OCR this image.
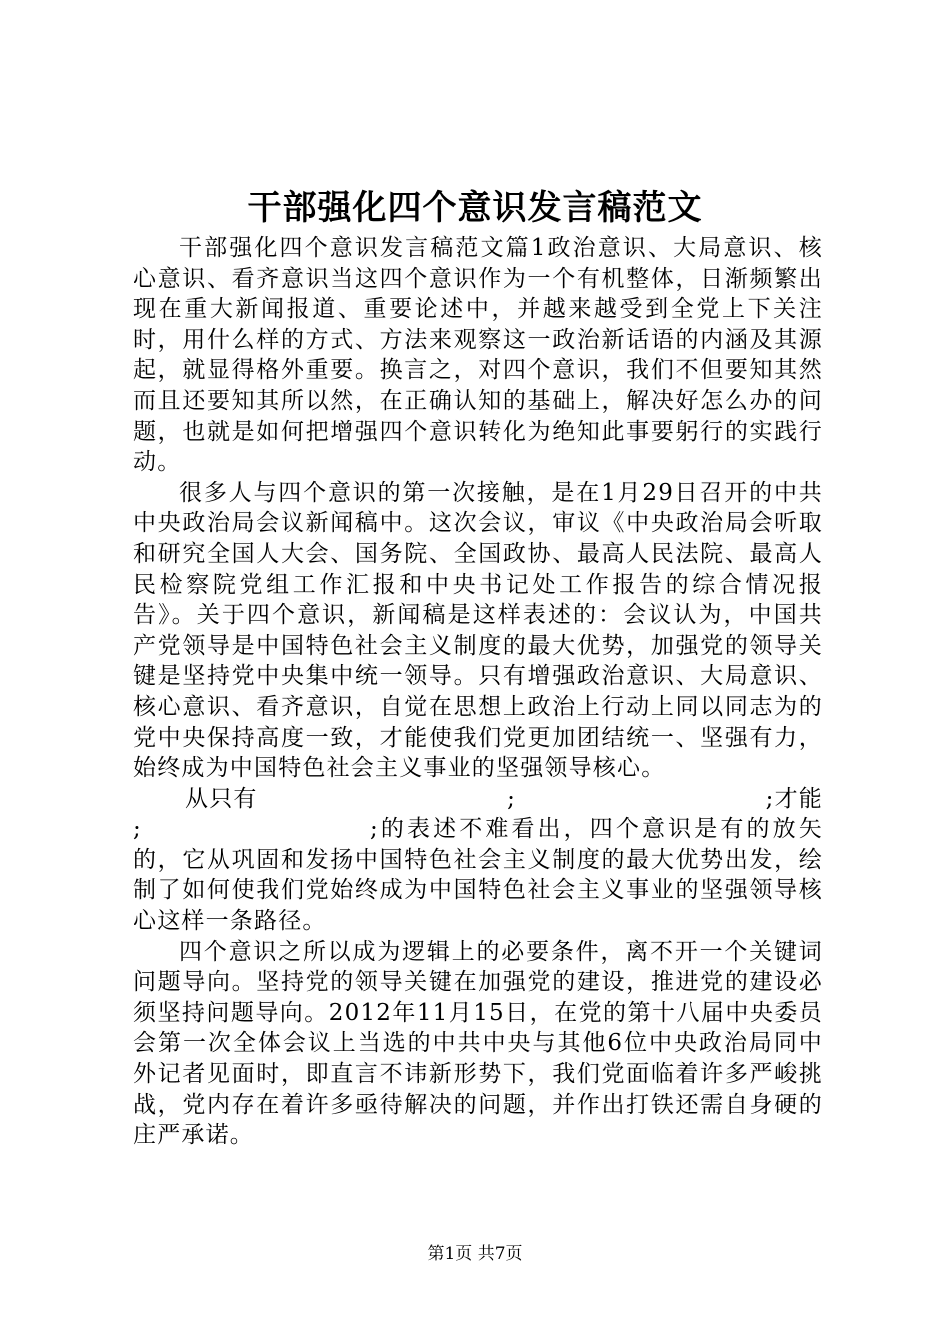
干部强化四个意识发言稿范文

干部强化四个意识发言稿范文篇1政治意识、大局意识、核心意识、看齐意识当这四个意识作为一个有机整体，日渐频繁出现在重大新闻报道、重要论述中，并越来越受到全党上下关注时，用什么样的方式、方法来观察这一政治新话语的内涵及其源起，就显得格外重要。换言之，对四个意识，我们不但要知其然而且还要知其所以然，在正确认知的基础上，解决好怎么办的问题，也就是如何把增强四个意识转化为绝知此事要躬行的实践行动。

很多人与四个意识的第一次接触，是在1月29日召开的中共中央政治局会议新闻稿中。这次会议，审议《中央政治局会听取和研究全国人大会、国务院、全国政协、最高人民法院、最高人民检察院党组工作汇报和中央书记处工作报告的综合情况报告》。关于四个意识，新闻稿是这样表述的：会议认为，中国共产党领导是中国特色社会主义制度的最大优势，加强党的领导关键是坚持党中央集中统一领导。只有增强政治意识、大局意识、核心意识、看齐意识，自觉在思想上政治上行动上同以同志为的党中央保持高度一致，才能使我们党更加团结统一、坚强有力，始终成为中国特色社会主义事业的坚强领导核心。

从只有	;	;才能
;	;的表述不难看出，四个意识是有的放矢的，它从巩固和发扬中国特色社会主义制度的最大优势出发，绘制了如何使我们党始终成为中国特色社会主义事业的坚强领导核心这样一条路径。

四个意识之所以成为逻辑上的必要条件，离不开一个关键词问题导向。坚持党的领导关键在加强党的建设，推进党的建设必须坚持问题导向。2012年11月15日，在党的第十八届中央委员会第一次全体会议上当选的中共中央与其他6位中央政治局同中外记者见面时，即直言不讳新形势下，我们党面临着许多严峻挑战，党内存在着许多亟待解决的问题，并作出打铁还需自身硬的庄严承诺。

第1页 共7页
